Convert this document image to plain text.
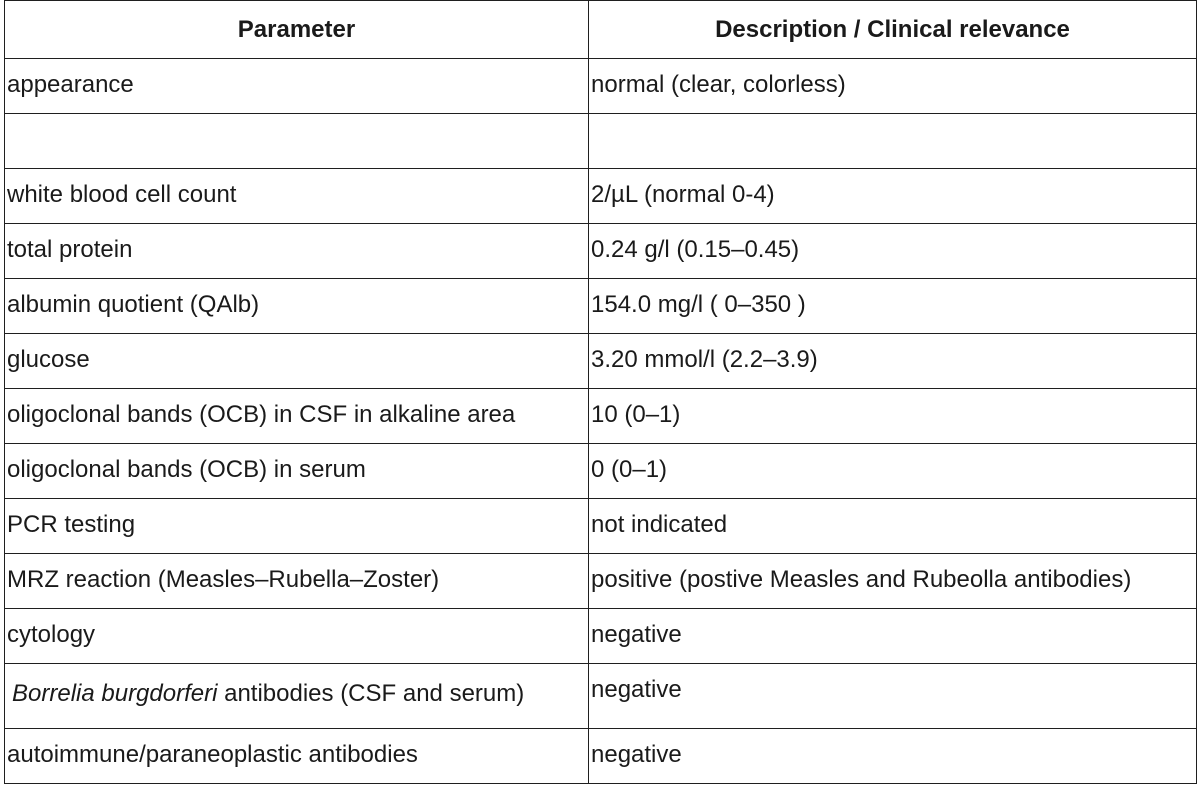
Parameter	Description / Clinical relevance
appearance	normal (clear, colorless)

white blood cell count	2/µL (normal 0-4)
total protein	0.24 g/l (0.15–0.45)
albumin quotient (QAlb)	154.0 mg/l ( 0–350 )
glucose	3.20 mmol/l (2.2–3.9)
oligoclonal bands (OCB) in CSF in alkaline area	10 (0–1)
oligoclonal bands (OCB) in serum	0 (0–1)
PCR testing	not indicated
MRZ reaction (Measles–Rubella–Zoster)	positive (postive Measles and Rubeolla antibodies)
cytology	negative
Borrelia burgdorferi antibodies (CSF and serum)	negative
autoimmune/paraneoplastic antibodies	negative
